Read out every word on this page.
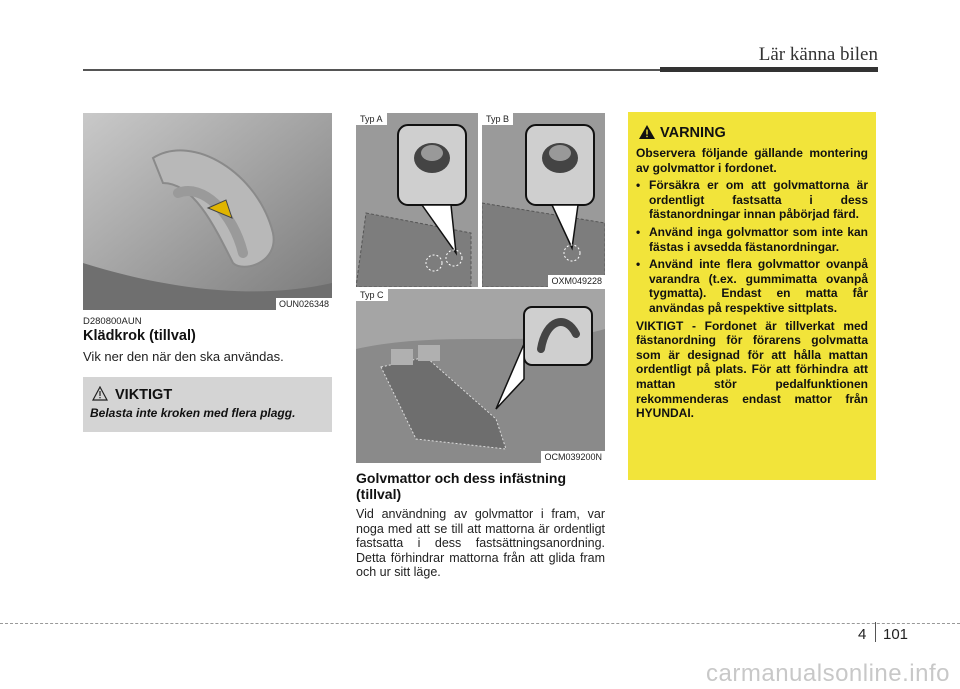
Lär känna bilen
OUN026348
Typ A	Typ B
OXM049228
Typ C
OCM039200N
D280800AUN
Klädkrok (tillval)
Vik ner den när den ska användas.
VIKTIGT
Belasta inte kroken med flera plagg.
Golvmattor och dess infästning (tillval)
Vid användning av golvmattor i fram, var noga med att se till att mattorna är ordentligt fastsatta i dess fastsättningsanordning. Detta förhindrar mattorna från att glida fram och ur sitt läge.
VARNING

Observera följande gällande montering av golvmattor i fordonet.

• Försäkra er om att golvmattorna är ordentligt fastsatta i dess fästanordningar innan påbörjad färd.
• Använd inga golvmattor som inte kan fästas i avsedda fästanordningar.
• Använd inte flera golvmattor ovanpå varandra (t.ex. gummimatta ovanpå tygmatta). Endast en matta får användas på respektive sittplats.

VIKTIGT - Fordonet är tillverkat med fästanordning för förarens golvmatta som är designad för att hålla mattan ordentligt på plats. För att förhindra att mattan stör pedalfunktionen rekommenderas endast mattor från HYUNDAI.

4 101
carmanualsonline.info
